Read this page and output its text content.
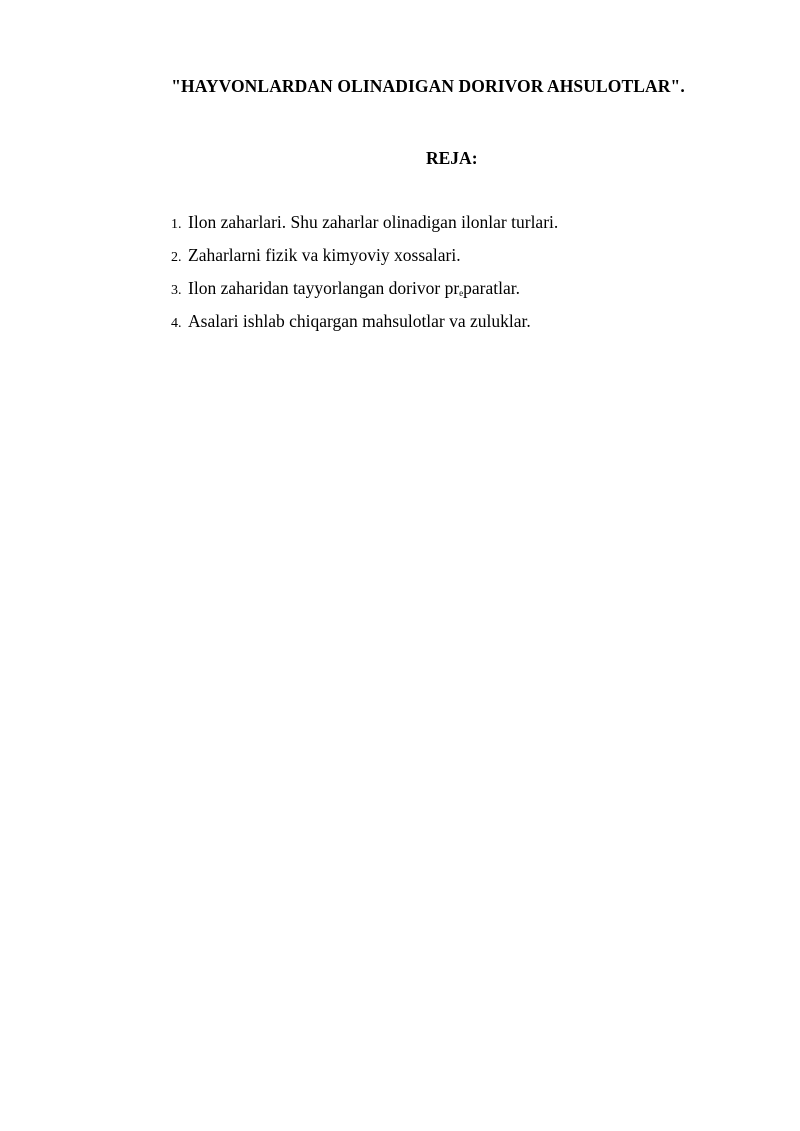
"HAYVONLARDAN OLINADIGAN DORIVOR AHSULOTLAR".
REJA:
1. Ilon zaharlari. Shu zaharlar olinadigan ilonlar turlari.
2. Zaharlarni fizik va kimyoviy xossalari.
3. Ilon zaharidan tayyorlangan dorivor preparatlar.
4. Asalari ishlab chiqargan mahsulotlar va zuluklar.
